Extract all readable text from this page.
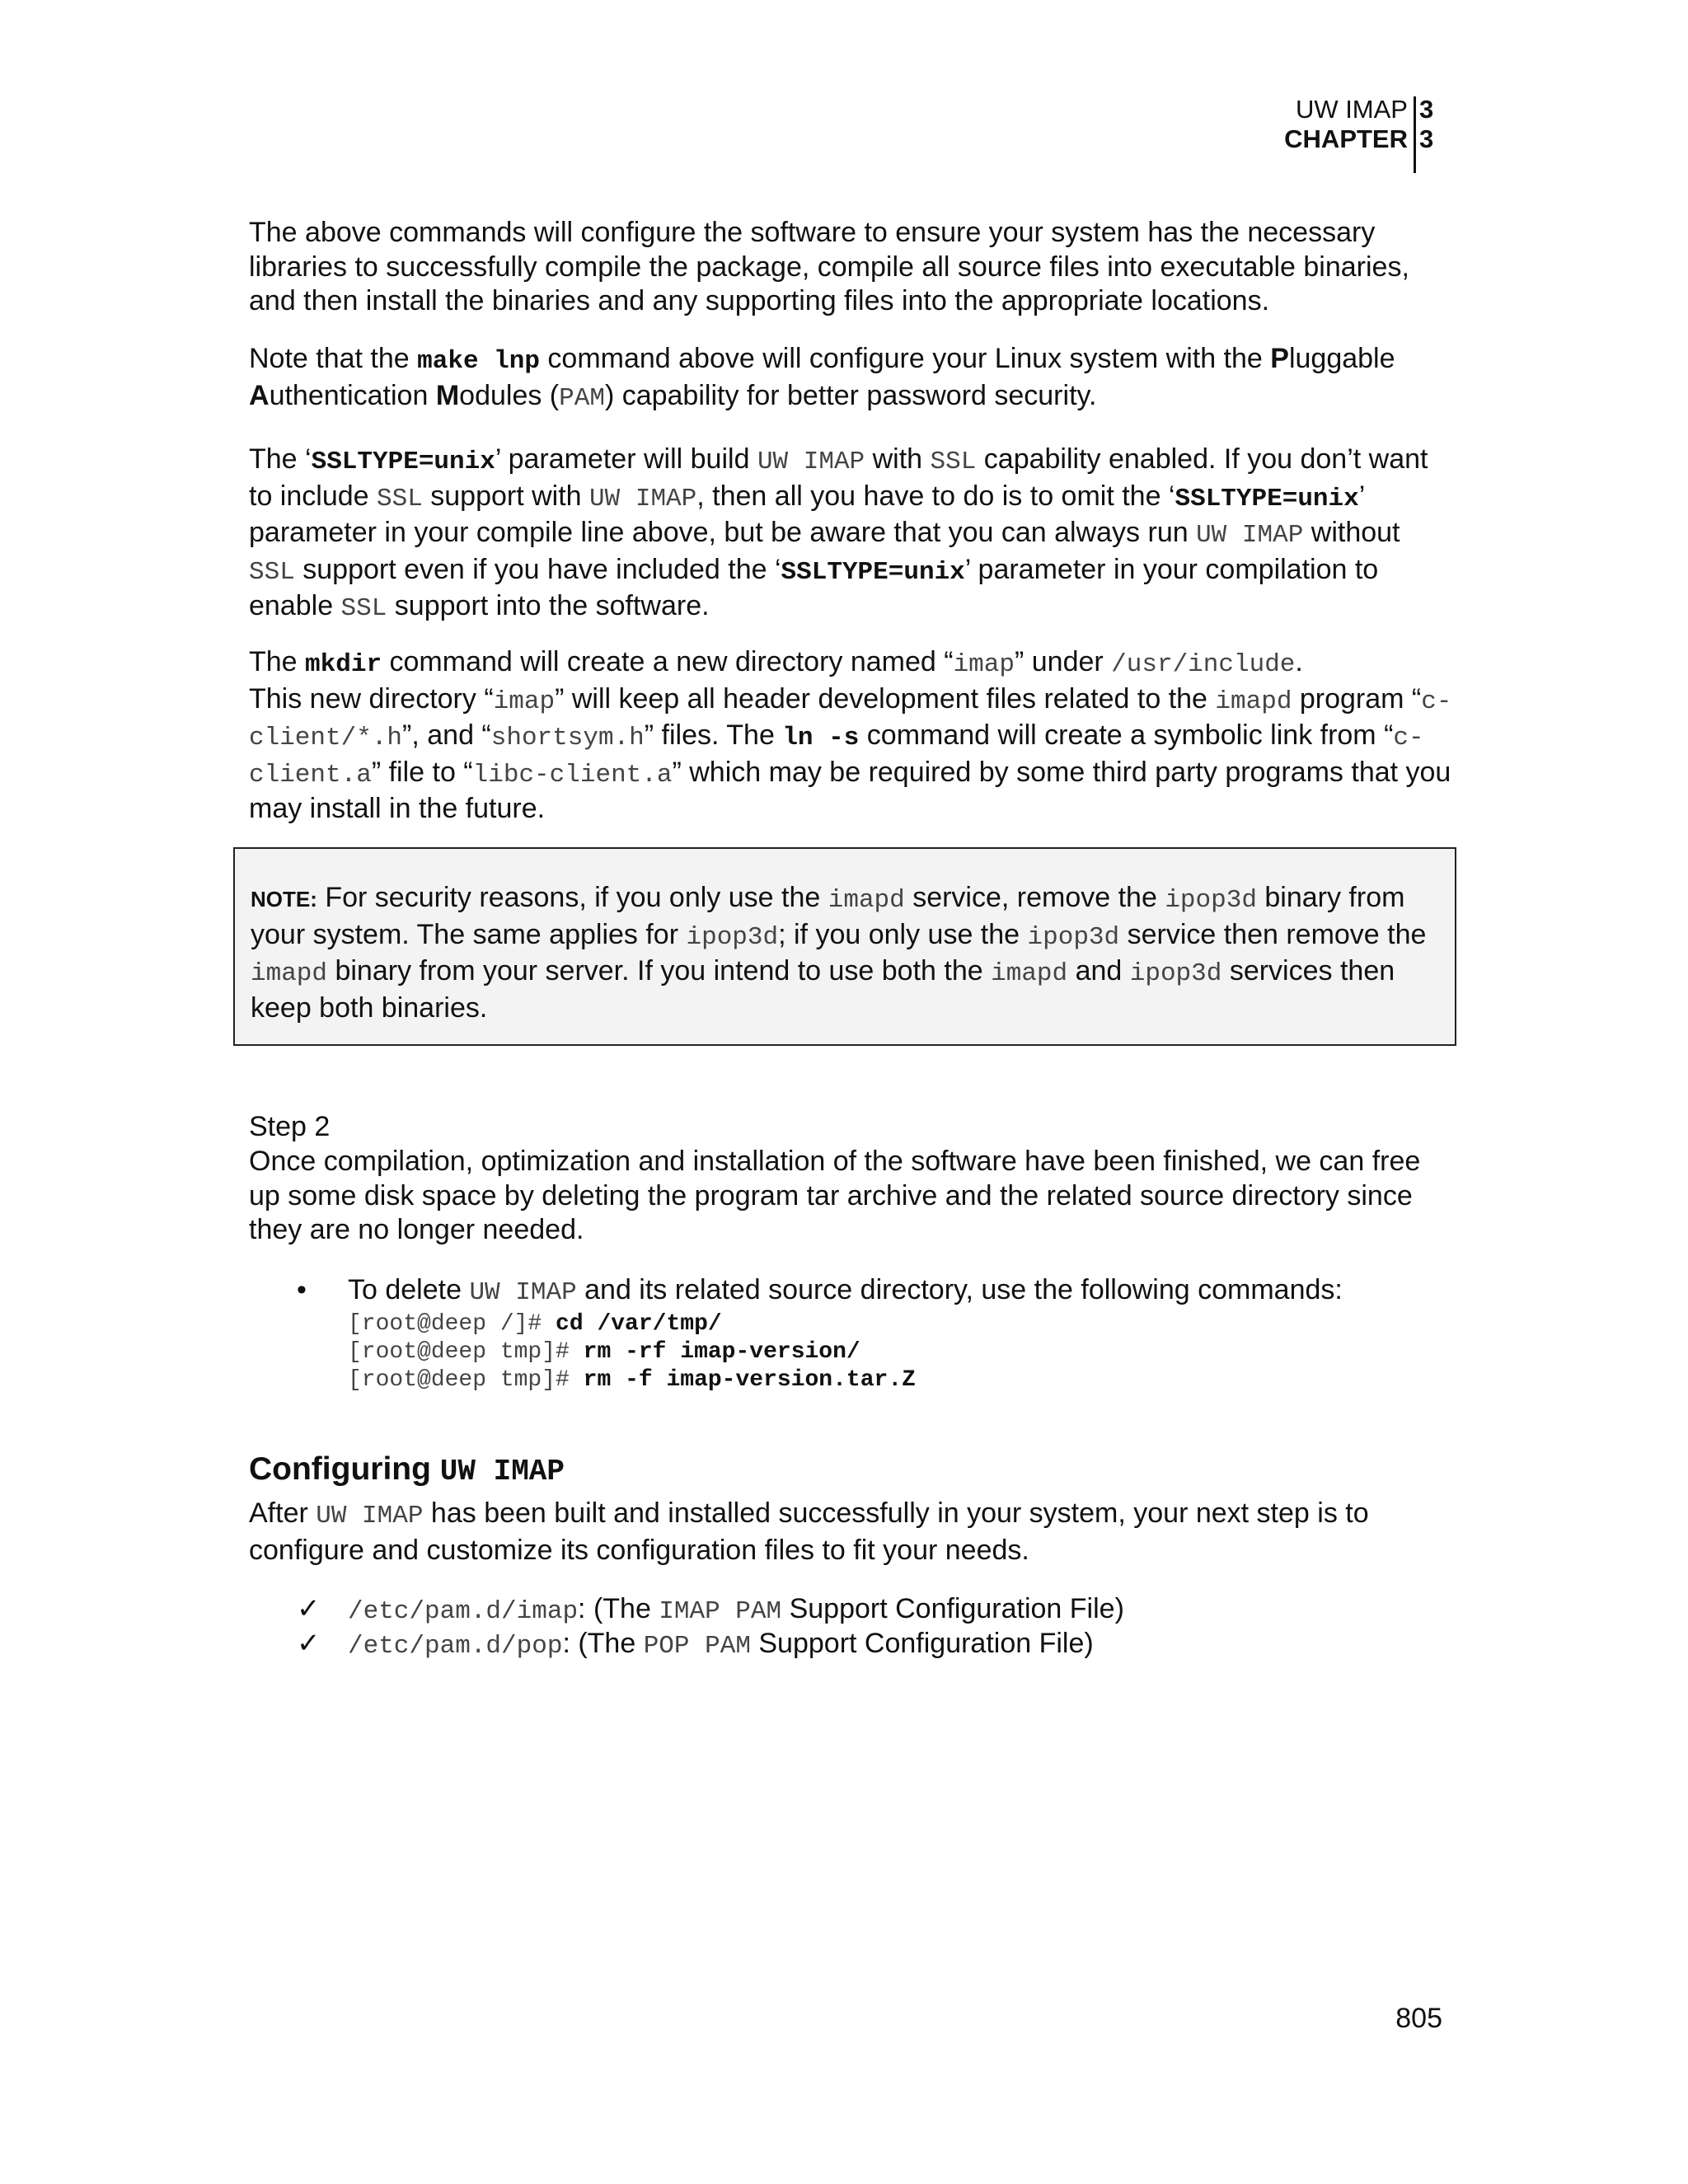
UW IMAP 3
CHAPTER 3

The above commands will configure the software to ensure your system has the necessary libraries to successfully compile the package, compile all source files into executable binaries, and then install the binaries and any supporting files into the appropriate locations.

Note that the make lnp command above will configure your Linux system with the Pluggable Authentication Modules (PAM) capability for better password security.

The ‘SSLTYPE=unix’ parameter will build UW IMAP with SSL capability enabled. If you don’t want to include SSL support with UW IMAP, then all you have to do is to omit the ‘SSLTYPE=unix’ parameter in your compile line above, but be aware that you can always run UW IMAP without SSL support even if you have included the ‘SSLTYPE=unix’ parameter in your compilation to enable SSL support into the software.

The mkdir command will create a new directory named “imap” under /usr/include.
This new directory “imap” will keep all header development files related to the imapd program “c-client/*.h”, and “shortsym.h” files. The ln -s command will create a symbolic link from “c-client.a” file to “libc-client.a” which may be required by some third party programs that you may install in the future.

NOTE: For security reasons, if you only use the imapd service, remove the ipop3d binary from your system. The same applies for ipop3d; if you only use the ipop3d service then remove the imapd binary from your server. If you intend to use both the imapd and ipop3d services then keep both binaries.

Step 2

Once compilation, optimization and installation of the software have been finished, we can free up some disk space by deleting the program tar archive and the related source directory since they are no longer needed.

• To delete UW IMAP and its related source directory, use the following commands:
[root@deep /]# cd /var/tmp/
[root@deep tmp]# rm -rf imap-version/
[root@deep tmp]# rm -f imap-version.tar.Z
Configuring UW IMAP

After UW IMAP has been built and installed successfully in your system, your next step is to configure and customize its configuration files to fit your needs.

✓ /etc/pam.d/imap: (The IMAP PAM Support Configuration File)
✓ /etc/pam.d/pop: (The POP PAM Support Configuration File)
805
